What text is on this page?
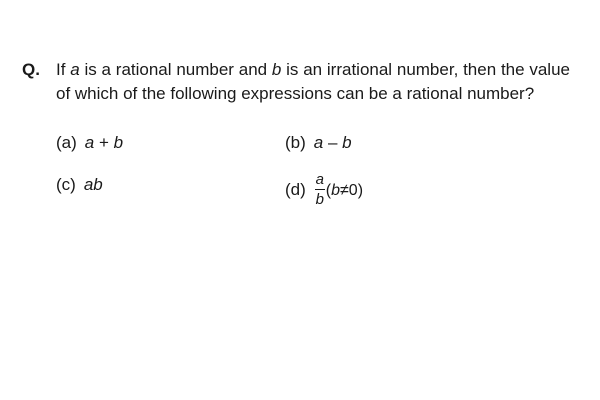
Q. If a is a rational number and b is an irrational number, then the value of which of the following expressions can be a rational number?
(a) a + b	(b) a – b
(c) ab	$(d) \frac{a}{b} (b\ne 0)$
